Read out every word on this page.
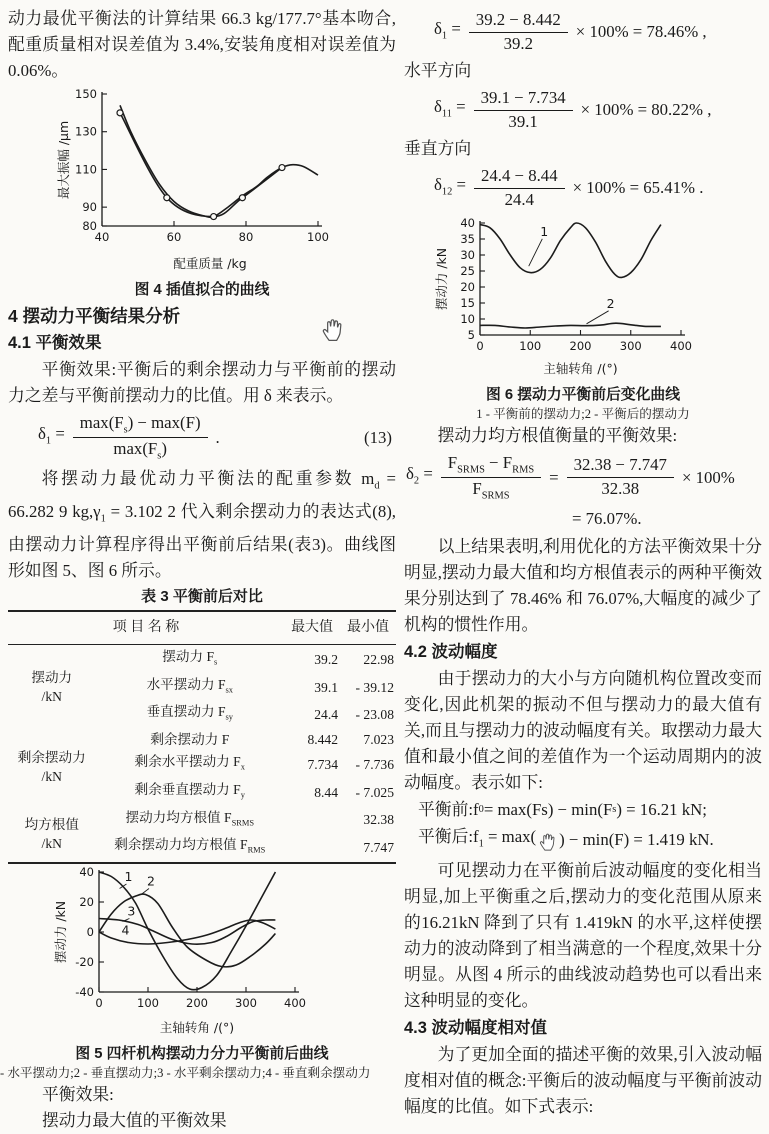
动力最优平衡法的计算结果 66.3 kg/177.7°基本吻合,配重质量相对误差值为 3.4%,安装角度相对误差值为 0.06%。

80
90
110
130
150
40	60	80	100
配重质量 /kg
最大振幅 /μm
图 4 插值拟合的曲线
4 摆动力平衡结果分析
4.1 平衡效果

平衡效果:平衡后的剩余摆动力与平衡前的摆动力之差与平衡前摆动力的比值。用 δ 来表示。

$\delta_1 = \frac{\max(F_s) - \max(F)}{\max(F_s)}$ .	(13)

将摆动力最优动力平衡法的配重参数 $m_d = 66.282$ 9 $kg,\gamma_1 = 3.102$ 2 代入剩余摆动力的表达式(8),由摆动力计算程序得出平衡前后结果(表3)。曲线图形如图 5、图 6 所示。

表 3 平衡前后对比
项 目 名 称		最大值	最小值

摆动力
/kN	摆动力 $F_s$	39.2	22.98
	水平摆动力 $F_{sx}$	39.1	- 39.12
	垂直摆动力 $F_{sy}$	24.4	- 23.08

剩余摆动力
/kN	剩余摆动力 F	8.442	7.023
	剩余水平摆动力 $F_x$	7.734	- 7.736
	剩余垂直摆动力 $F_y$	8.44	- 7.025

均方根值
/kN	摆动力均方根值 $F_{SRMS}$		32.38
	剩余摆动力均方根值 $F_{RMS}$		7.747
-40
-20
0
20
40
0	100 200 300 400
主轴转角 /(°)
摆动力 /kN
1 2
3
4
图 5 四杆机构摆动力分力平衡前后曲线
- 水平摆动力;2 - 垂直摆动力;3 - 水平剩余摆动力;4 - 垂直剩余摆动力

平衡效果:

摆动力最大值的平衡效果

$\delta_1 = \frac{39.2 - 8.442}{39.2} \times 100\% = 78.46\%$ ,

水平方向

$\delta_{11} = \frac{39.1 - 7.734}{39.1} \times 100\% = 80.22\%$ ,

垂直方向

$\delta_{12} = \frac{24.4 - 8.44}{24.4} \times 100\% = 65.41\%$ .
5
10
15
20
25
30
35
40
0	100 200 300 400
主轴转角 /(°)
摆动力 /kN
1
2
图 6 摆动力平衡前后变化曲线
1 - 平衡前的摆动力;2 - 平衡后的摆动力

摆动力均方根值衡量的平衡效果:

$\delta_2 = \frac{F_{SRMS} - F_{RMS}}{F_{SRMS}} = \frac{32.38 - 7.747}{32.38} \times 100\%$

= 76.07%.

以上结果表明,利用优化的方法平衡效果十分明显,摆动力最大值和均方根值表示的两种平衡效果分别达到了 78.46% 和 76.07%,大幅度的减少了机构的惯性作用。

4.2 波动幅度

由于摆动力的大小与方向随机构位置改变而变化,因此机架的振动不但与摆动力的最大值有关,而且与摆动力的波动幅度有关。取摆动力最大值和最小值之间的差值作为一个运动周期内的波动幅度。表示如下:

平衡前:f 0 = max(Fs) − min(F s ) = 16.21 kN;

平衡后$:f_1 = \max$( ) − min(F) = 1.419 kN.

可见摆动力在平衡前后波动幅度的变化相当明显,加上平衡重之后,摆动力的变化范围从原来的16.21kN 降到了只有 1.419kN 的水平,这样使摆动力的波动降到了相当满意的一个程度,效果十分明显。从图 4 所示的曲线波动趋势也可以看出来这种明显的变化。

4.3 波动幅度相对值

为了更加全面的描述平衡的效果,引入波动幅度相对值的概念:平衡后的波动幅度与平衡前波动幅度的比值。如下式表示:
